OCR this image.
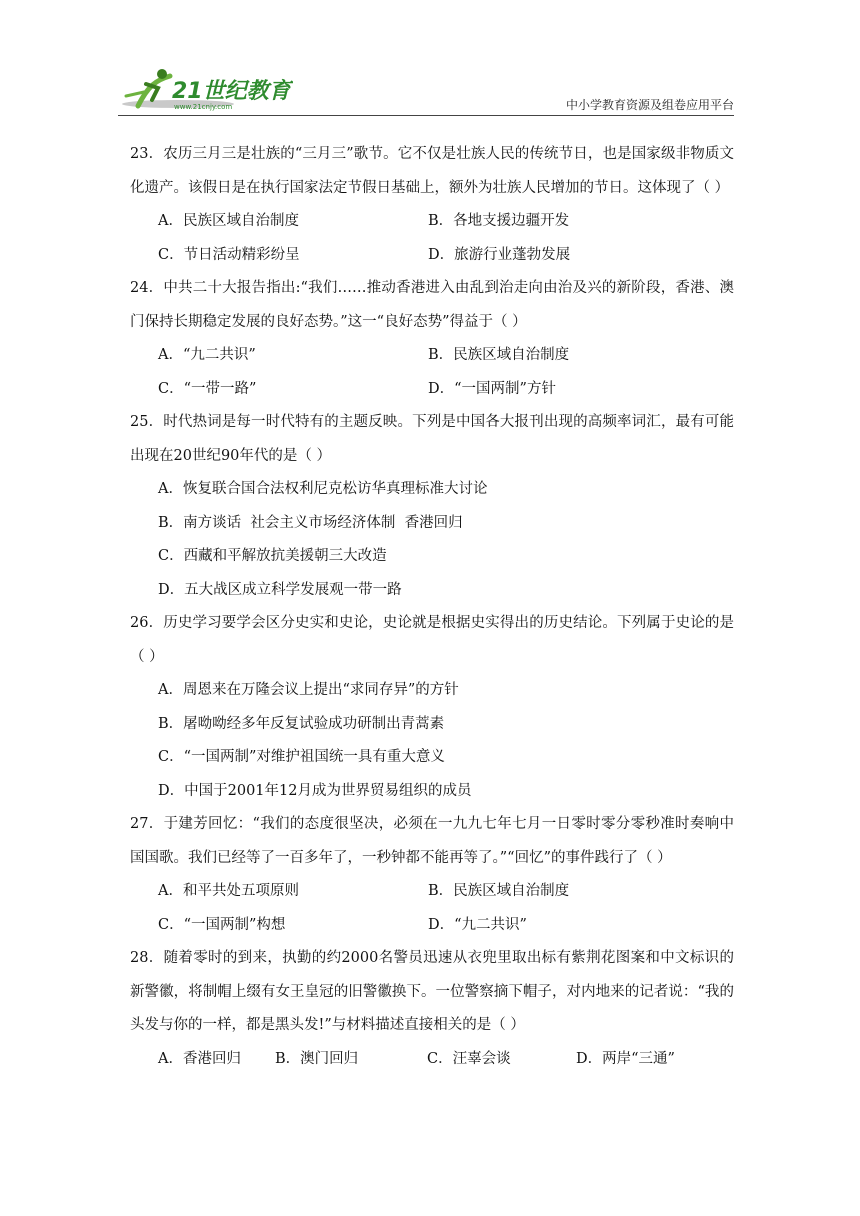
21世纪教育
www.21cnjy.com	中小学教育资源及组卷应用平台

23．农历三月三是壮族的“三月三”歌节。它不仅是壮族人民的传统节日，也是国家级非物质文化遗产。该假日是在执行国家法定节假日基础上，额外为壮族人民增加的节日。这体现了（ ）

A．民族区域自治制度	B．各地支援边疆开发
C．节日活动精彩纷呈	D．旅游行业蓬勃发展

24．中共二十大报告指出:“我们……推动香港进入由乱到治走向由治及兴的新阶段，香港、澳门保持长期稳定发展的良好态势。”这一“良好态势”得益于（ ）

A．“九二共识”	B．民族区域自治制度
C．“一带一路”	D．“一国两制”方针

25．时代热词是每一时代特有的主题反映。下列是中国各大报刊出现的高频率词汇，最有可能出现在20世纪90年代的是（ ）

A．恢复联合国合法权利尼克松访华真理标准大讨论
B．南方谈话  社会主义市场经济体制  香港回归
C．西藏和平解放抗美援朝三大改造
D．五大战区成立科学发展观一带一路

26．历史学习要学会区分史实和史论，史论就是根据史实得出的历史结论。下列属于史论的是（ ）

A．周恩来在万隆会议上提出“求同存异”的方针
B．屠呦呦经多年反复试验成功研制出青蒿素
C．“一国两制”对维护祖国统一具有重大意义
D．中国于2001年12月成为世界贸易组织的成员

27．于建芳回忆：“我们的态度很坚决，必须在一九九七年七月一日零时零分零秒准时奏响中国国歌。我们已经等了一百多年了，一秒钟都不能再等了。”“回忆”的事件践行了（ ）

A．和平共处五项原则	B．民族区域自治制度
C．“一国两制”构想	D．“九二共识”

28．随着零时的到来，执勤的约2000名警员迅速从衣兜里取出标有紫荆花图案和中文标识的新警徽，将制帽上缀有女王皇冠的旧警徽换下。一位警察摘下帽子，对内地来的记者说：“我的头发与你的一样，都是黑头发!”与材料描述直接相关的是（ ）

A．香港回归	B．澳门回归	C．汪辜会谈	D．两岸“三通”
